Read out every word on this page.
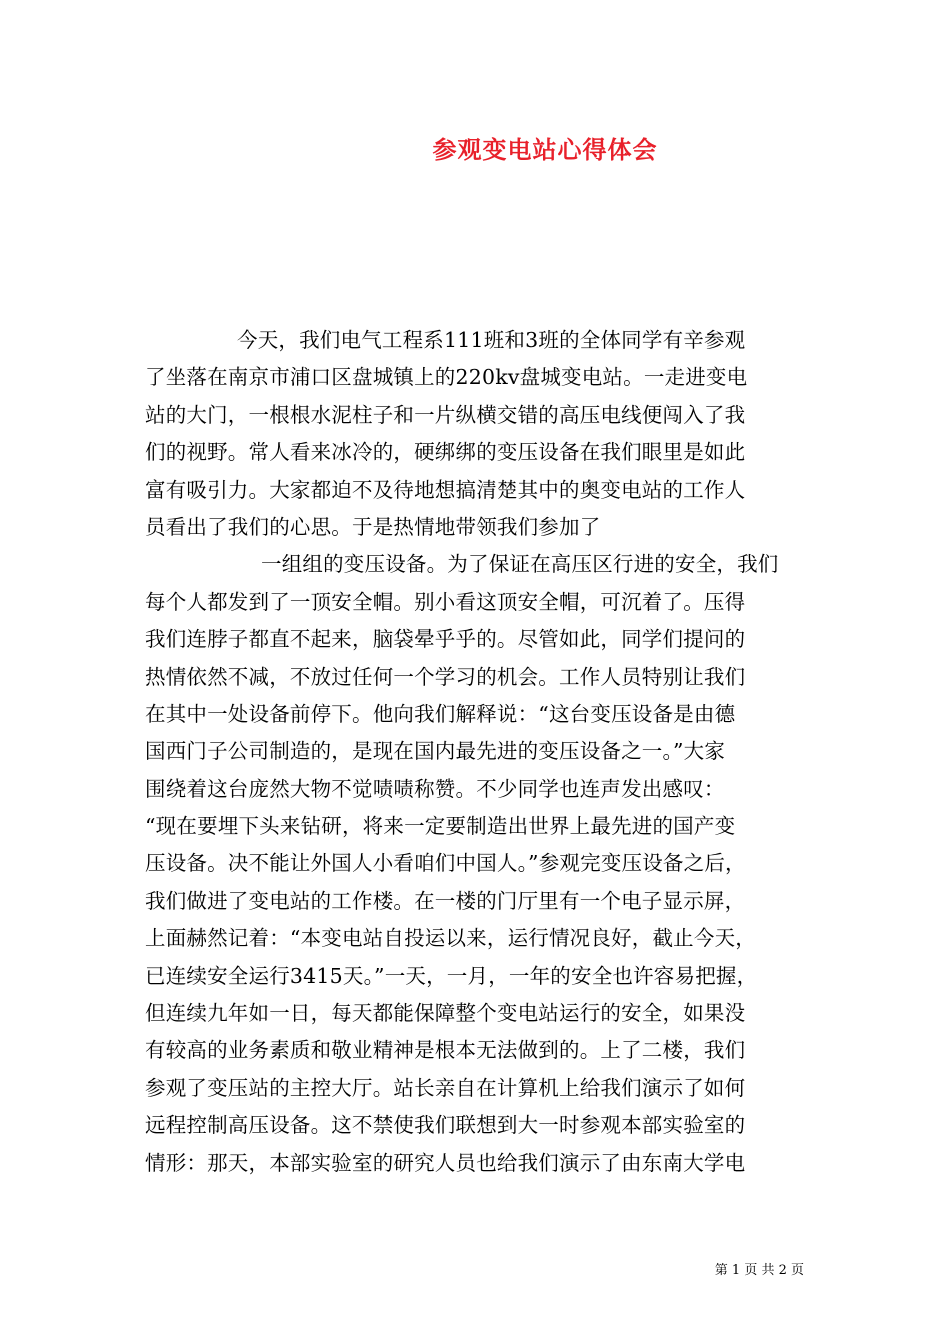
参观变电站心得体会
今天，我们电气工程系111班和3班的全体同学有辛参观
了坐落在南京市浦口区盘城镇上的220kv盘城变电站。一走进变电
站的大门，一根根水泥柱子和一片纵横交错的高压电线便闯入了我
们的视野。常人看来冰冷的，硬绑绑的变压设备在我们眼里是如此
富有吸引力。大家都迫不及待地想搞清楚其中的奥变电站的工作人
员看出了我们的心思。于是热情地带领我们参加了
一组组的变压设备。为了保证在高压区行进的安全，我们
每个人都发到了一顶安全帽。别小看这顶安全帽，可沉着了。压得
我们连脖子都直不起来，脑袋晕乎乎的。尽管如此，同学们提问的
热情依然不减，不放过任何一个学习的机会。工作人员特别让我们
在其中一处设备前停下。他向我们解释说：“这台变压设备是由德
国西门子公司制造的，是现在国内最先进的变压设备之一。”大家
围绕着这台庞然大物不觉啧啧称赞。不少同学也连声发出感叹：
“现在要埋下头来钻研，将来一定要制造出世界上最先进的国产变
压设备。决不能让外国人小看咱们中国人。”参观完变压设备之后，
我们做进了变电站的工作楼。在一楼的门厅里有一个电子显示屏，
上面赫然记着：“本变电站自投运以来，运行情况良好，截止今天，
已连续安全运行3415天。”一天，一月，一年的安全也许容易把握，
但连续九年如一日，每天都能保障整个变电站运行的安全，如果没
有较高的业务素质和敬业精神是根本无法做到的。上了二楼，我们
参观了变压站的主控大厅。站长亲自在计算机上给我们演示了如何
远程控制高压设备。这不禁使我们联想到大一时参观本部实验室的
情形：那天，本部实验室的研究人员也给我们演示了由东南大学电
第 1 页 共 2 页
